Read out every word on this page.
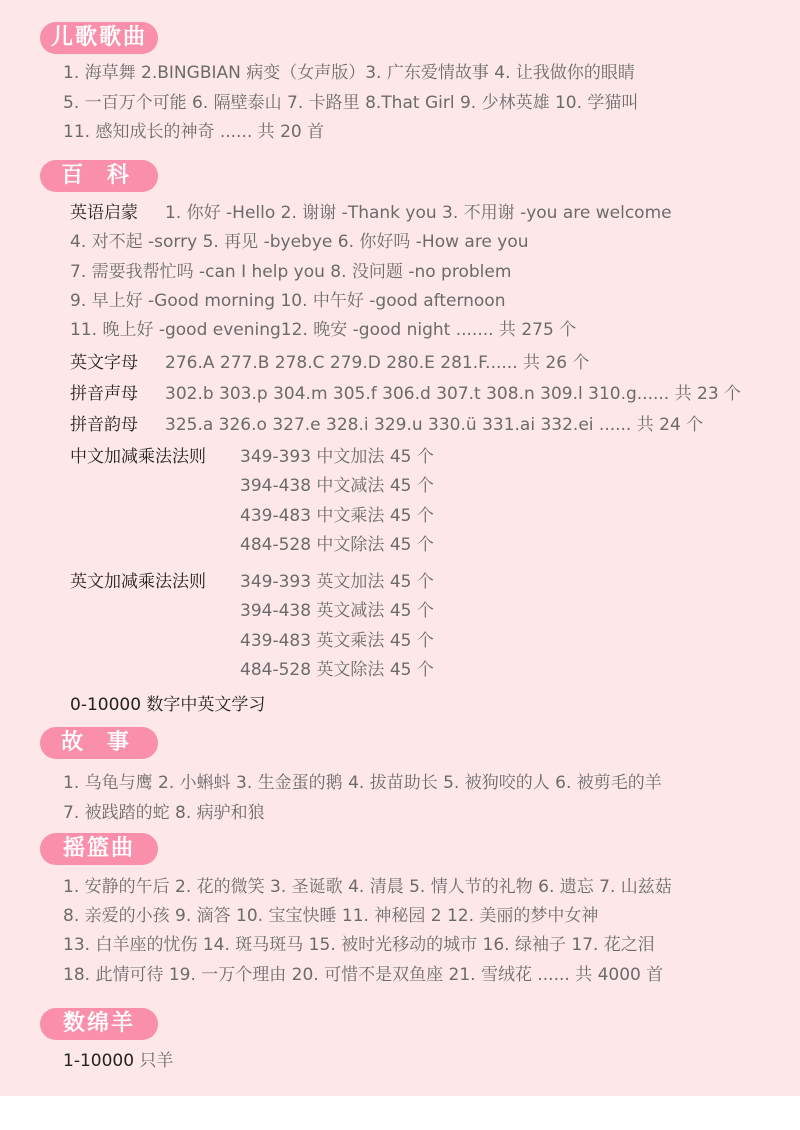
儿歌歌曲
1. 海草舞 2.BINGBIAN 病变（女声版）3. 广东爱情故事 4. 让我做你的眼睛
5. 一百万个可能 6. 隔壁泰山 7. 卡路里 8.That Girl 9. 少林英雄 10. 学猫叫
11. 感知成长的神奇 ...... 共 20 首
百 科
英语启蒙 1. 你好 -Hello 2. 谢谢 -Thank you 3. 不用谢 -you are welcome
4. 对不起 -sorry 5. 再见 -byebye 6. 你好吗 -How are you
7. 需要我帮忙吗 -can I help you 8. 没问题 -no problem
9. 早上好 -Good morning 10. 中午好 -good afternoon
11. 晚上好 -good evening12. 晚安 -good night ....... 共 275 个
英文字母 276.A 277.B 278.C 279.D 280.E 281.F...... 共 26 个
拼音声母 302.b 303.p 304.m 305.f 306.d 307.t 308.n 309.l 310.g...... 共 23 个
拼音韵母 325.a 326.o 327.e 328.i 329.u 330.ü 331.ai 332.ei ...... 共 24 个
中文加减乘法法则 349-393 中文加法 45 个
394-438 中文减法 45 个
439-483 中文乘法 45 个
484-528 中文除法 45 个
英文加减乘法法则 349-393 英文加法 45 个
394-438 英文减法 45 个
439-483 英文乘法 45 个
484-528 英文除法 45 个
0-10000 数字中英文学习
故 事
1. 乌龟与鹰 2. 小蝌蚪 3. 生金蛋的鹅 4. 拔苗助长 5. 被狗咬的人 6. 被剪毛的羊
7. 被践踏的蛇 8. 病驴和狼
摇篮曲
1. 安静的午后 2. 花的微笑 3. 圣诞歌 4. 清晨 5. 情人节的礼物 6. 遗忘 7. 山兹菇
8. 亲爱的小孩 9. 滴答 10. 宝宝快睡 11. 神秘园 2 12. 美丽的梦中女神
13. 白羊座的忧伤 14. 斑马斑马 15. 被时光移动的城市 16. 绿袖子 17. 花之泪
18. 此情可待 19. 一万个理由 20. 可惜不是双鱼座 21. 雪绒花 ...... 共 4000 首
数绵羊
1-10000 只羊
